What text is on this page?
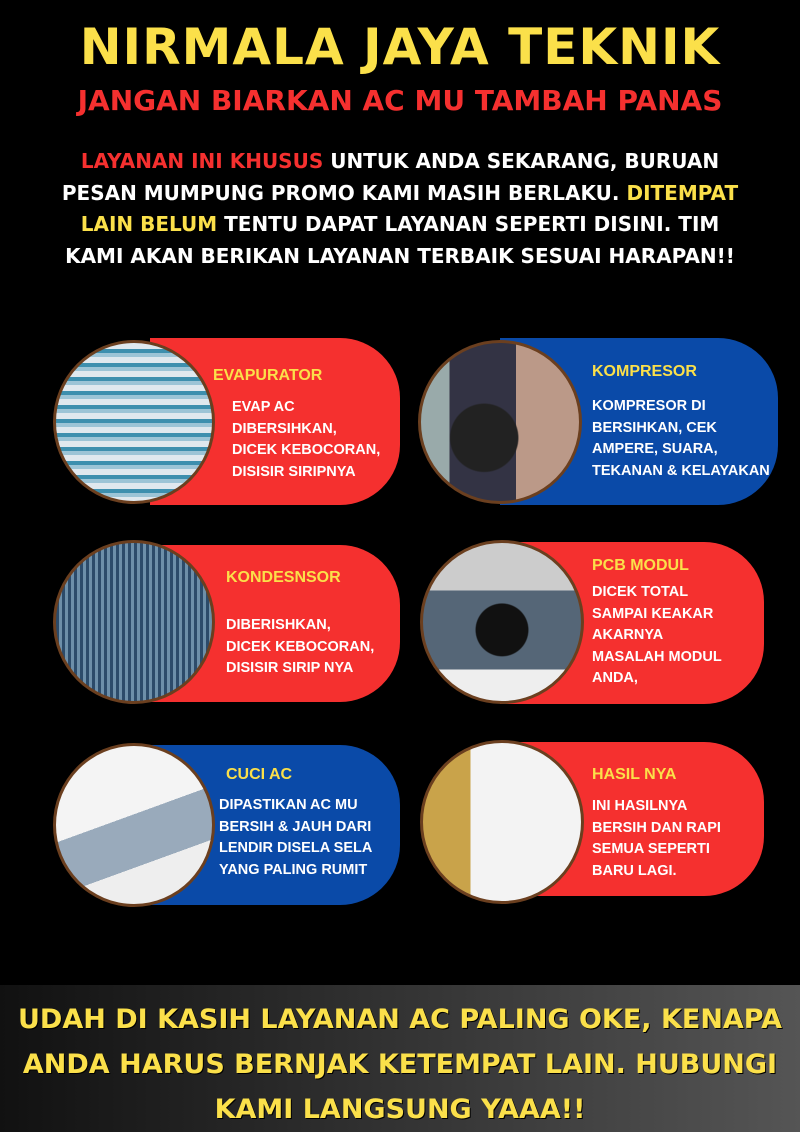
NIRMALA JAYA TEKNIK
JANGAN BIARKAN AC MU TAMBAH PANAS
LAYANAN INI KHUSUS UNTUK ANDA SEKARANG, BURUAN PESAN MUMPUNG PROMO KAMI MASIH BERLAKU. DITEMPAT LAIN BELUM TENTU DAPAT LAYANAN SEPERTI DISINI. TIM KAMI AKAN BERIKAN LAYANAN TERBAIK SESUAI HARAPAN!!
EVAPURATOR
EVAP AC
DIBERSIHKAN,
DICEK KEBOCORAN,
DISISIR SIRIPNYA
KOMPRESOR
KOMPRESOR DI
BERSIHKAN, CEK
AMPERE, SUARA,
TEKANAN & KELAYAKAN
KONDESNSOR
DIBERISHKAN,
DICEK KEBOCORAN,
DISISIR SIRIP NYA
PCB MODUL
DICEK TOTAL
SAMPAI KEAKAR
AKARNYA
MASALAH MODUL
ANDA,
CUCI AC
DIPASTIKAN AC MU
BERSIH & JAUH DARI
LENDIR DISELA SELA
YANG PALING RUMIT
HASIL NYA
INI HASILNYA
BERSIH DAN RAPI
SEMUA SEPERTI
BARU LAGI.

UDAH DI KASIH LAYANAN AC PALING OKE, KENAPA ANDA HARUS BERNJAK KETEMPAT LAIN. HUBUNGI KAMI LANGSUNG YAAA!!
